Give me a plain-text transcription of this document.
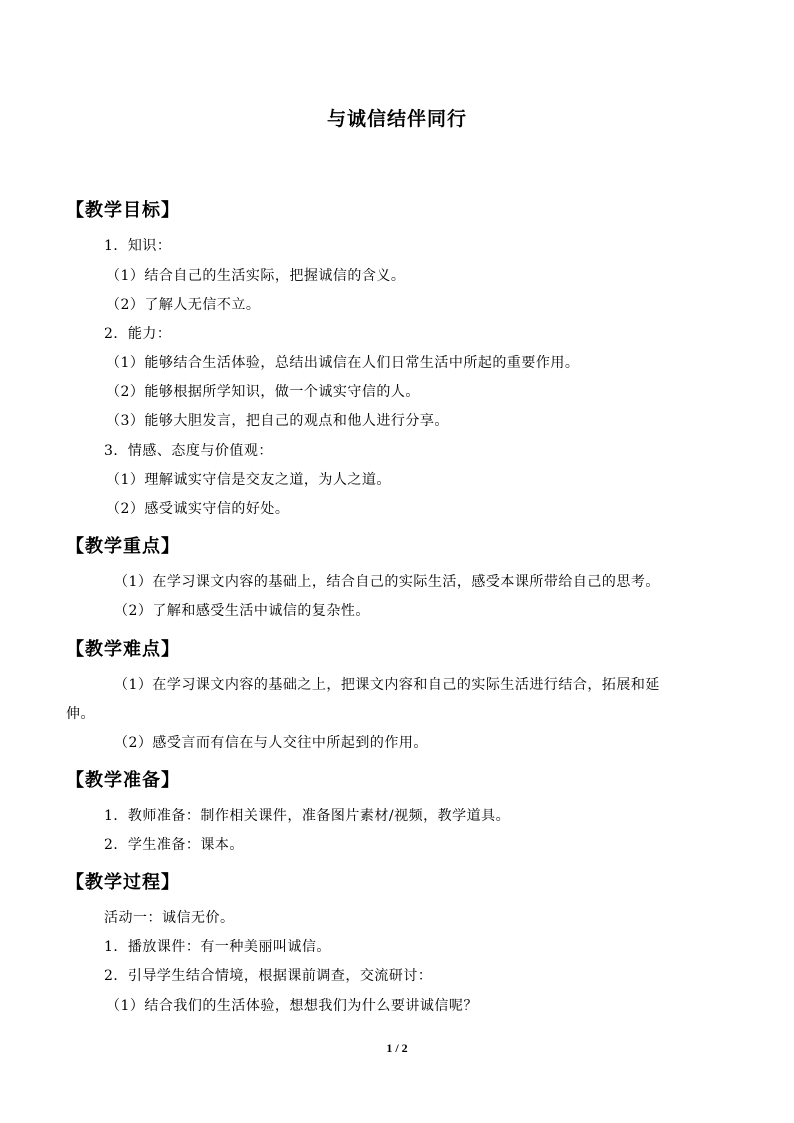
与诚信结伴同行
【教学目标】
1．知识：
（1）结合自己的生活实际，把握诚信的含义。
（2）了解人无信不立。
2．能力：
（1）能够结合生活体验，总结出诚信在人们日常生活中所起的重要作用。
（2）能够根据所学知识，做一个诚实守信的人。
（3）能够大胆发言，把自己的观点和他人进行分享。
3．情感、态度与价值观：
（1）理解诚实守信是交友之道，为人之道。
（2）感受诚实守信的好处。
【教学重点】
（1）在学习课文内容的基础上，结合自己的实际生活，感受本课所带给自己的思考。
（2）了解和感受生活中诚信的复杂性。
【教学难点】
（1）在学习课文内容的基础之上，把课文内容和自己的实际生活进行结合，拓展和延
伸。
（2）感受言而有信在与人交往中所起到的作用。
【教学准备】
1．教师准备：制作相关课件，准备图片素材/视频，教学道具。
2．学生准备：课本。
【教学过程】
活动一：诚信无价。
1．播放课件：有一种美丽叫诚信。
2．引导学生结合情境，根据课前调查，交流研讨：
（1）结合我们的生活体验，想想我们为什么要讲诚信呢？
1 / 2
